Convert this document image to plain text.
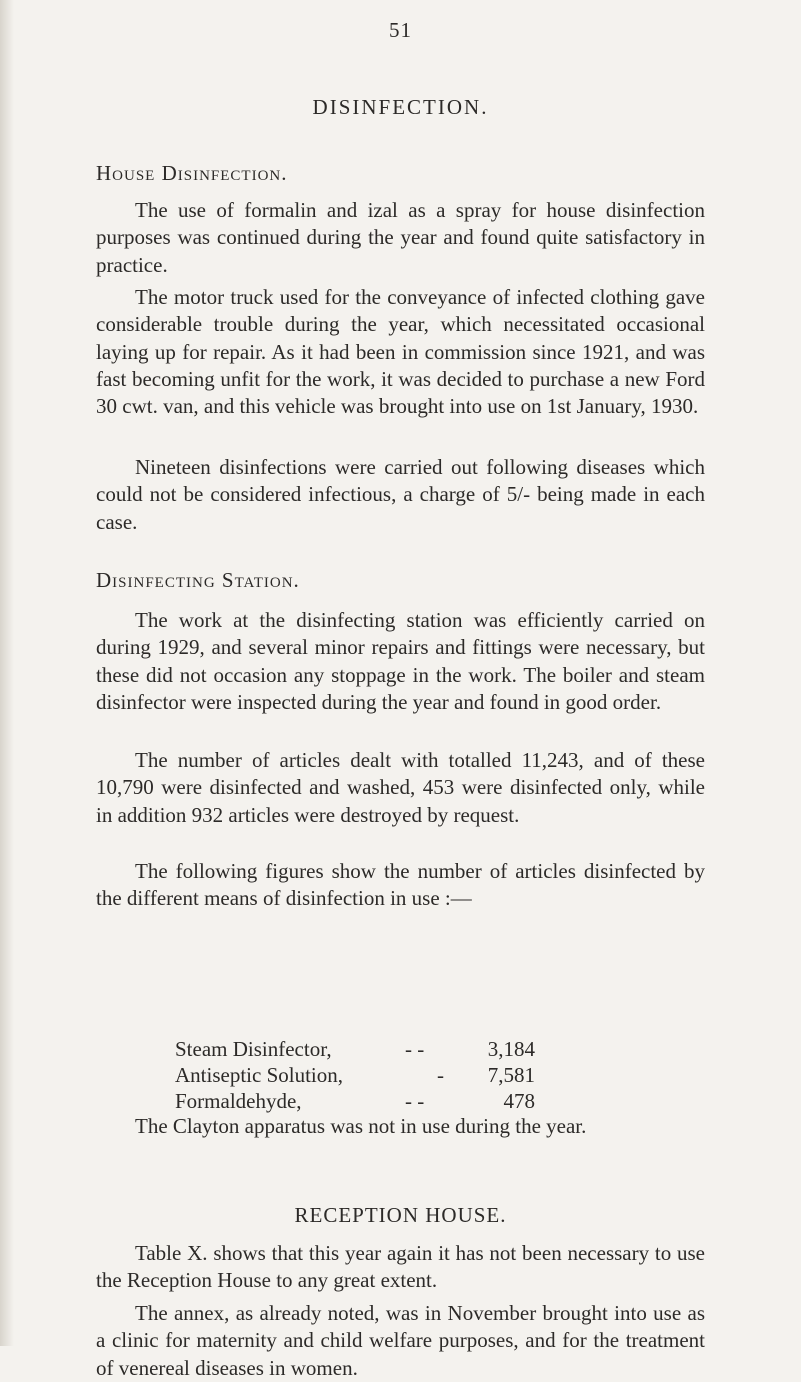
51
DISINFECTION.
House Disinfection.

The use of formalin and izal as a spray for house disinfection purposes was continued during the year and found quite satisfactory in practice.

The motor truck used for the conveyance of infected clothing gave considerable trouble during the year, which necessitated occasional laying up for repair. As it had been in commission since 1921, and was fast becoming unfit for the work, it was decided to purchase a new Ford 30 cwt. van, and this vehicle was brought into use on 1st January, 1930.

Nineteen disinfections were carried out following diseases which could not be considered infectious, a charge of 5/- being made in each case.

Disinfecting Station.

The work at the disinfecting station was efficiently carried on during 1929, and several minor repairs and fittings were necessary, but these did not occasion any stoppage in the work. The boiler and steam disinfector were inspected during the year and found in good order.

The number of articles dealt with totalled 11,243, and of these 10,790 were disinfected and washed, 453 were disinfected only, while in addition 932 articles were destroyed by request.

The following figures show the number of articles disinfected by the different means of disinfection in use :—

Steam Disinfector,	- -	3,184
Antiseptic Solution,	- 7,581
Formaldehyde,	- -	478

The Clayton apparatus was not in use during the year.

RECEPTION HOUSE.

Table X. shows that this year again it has not been necessary to use the Reception House to any great extent.

The annex, as already noted, was in November brought into use as a clinic for maternity and child welfare purposes, and for the treatment of venereal diseases in women.
